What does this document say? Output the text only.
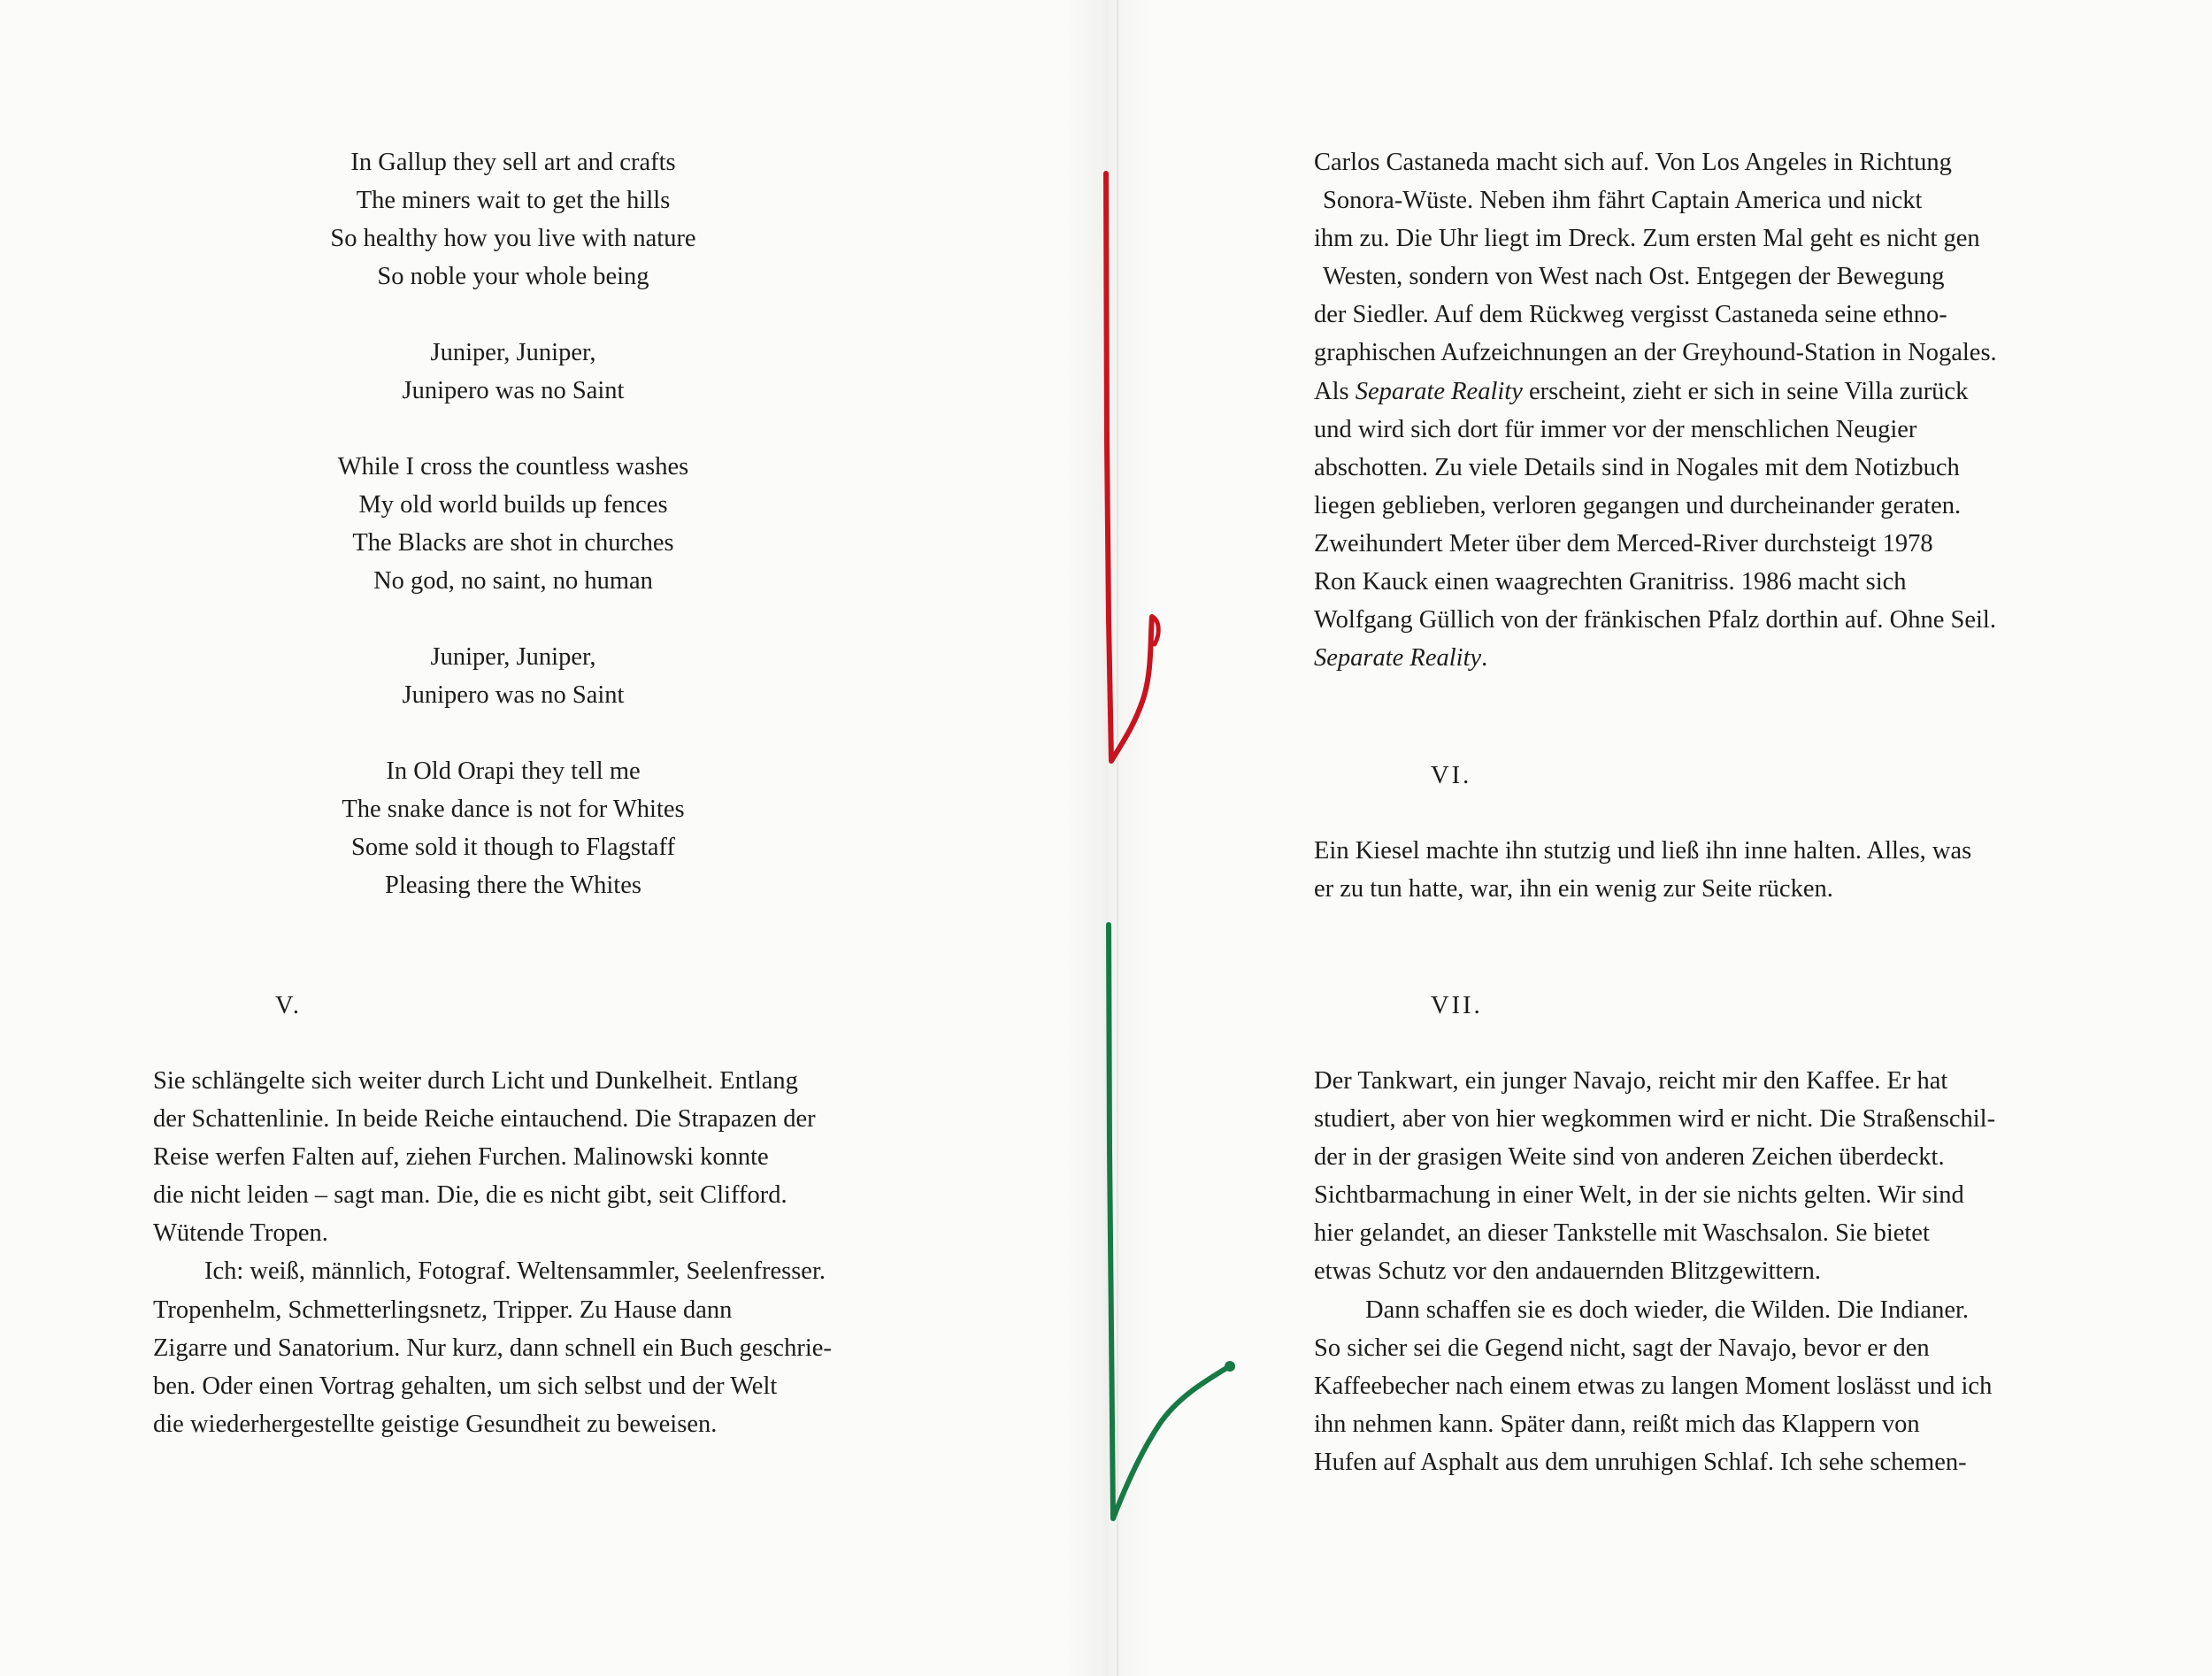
In Gallup they sell art and crafts

The miners wait to get the hills

So healthy how you live with nature

So noble your whole being

Juniper, Juniper,

Junipero was no Saint

While I cross the countless washes

My old world builds up fences

The Blacks are shot in churches

No god, no saint, no human

Juniper, Juniper,

Junipero was no Saint

In Old Orapi they tell me

The snake dance is not for Whites

Some sold it though to Flagstaff

Pleasing there the Whites

V.

Sie schlängelte sich weiter durch Licht und Dunkelheit. Entlang

der Schattenlinie. In beide Reiche eintauchend. Die Strapazen der

Reise werfen Falten auf, ziehen Furchen. Malinowski konnte

die nicht leiden – sagt man. Die, die es nicht gibt, seit Clifford.

Wütende Tropen.

Ich: weiß, männlich, Fotograf. Weltensammler, Seelenfresser.

Tropenhelm, Schmetterlingsnetz, Tripper. Zu Hause dann

Zigarre und Sanatorium. Nur kurz, dann schnell ein Buch geschrie-

ben. Oder einen Vortrag gehalten, um sich selbst und der Welt

die wiederhergestellte geistige Gesundheit zu beweisen.

Carlos Castaneda macht sich auf. Von Los Angeles in Richtung

Sonora-Wüste. Neben ihm fährt Captain America und nickt

ihm zu. Die Uhr liegt im Dreck. Zum ersten Mal geht es nicht gen

Westen, sondern von West nach Ost. Entgegen der Bewegung

der Siedler. Auf dem Rückweg vergisst Castaneda seine ethno-

graphischen Aufzeichnungen an der Greyhound-Station in Nogales.

Als Separate Reality erscheint, zieht er sich in seine Villa zurück

und wird sich dort für immer vor der menschlichen Neugier

abschotten. Zu viele Details sind in Nogales mit dem Notizbuch

liegen geblieben, verloren gegangen und durcheinander geraten.

Zweihundert Meter über dem Merced-River durchsteigt 1978

Ron Kauck einen waagrechten Granitriss. 1986 macht sich

Wolfgang Güllich von der fränkischen Pfalz dorthin auf. Ohne Seil.

Separate Reality.

VI.

Ein Kiesel machte ihn stutzig und ließ ihn inne halten. Alles, was

er zu tun hatte, war, ihn ein wenig zur Seite rücken.

VII.

Der Tankwart, ein junger Navajo, reicht mir den Kaffee. Er hat

studiert, aber von hier wegkommen wird er nicht. Die Straßenschil-

der in der grasigen Weite sind von anderen Zeichen überdeckt.

Sichtbarmachung in einer Welt, in der sie nichts gelten. Wir sind

hier gelandet, an dieser Tankstelle mit Waschsalon. Sie bietet

etwas Schutz vor den andauernden Blitzgewittern.

Dann schaffen sie es doch wieder, die Wilden. Die Indianer.

So sicher sei die Gegend nicht, sagt der Navajo, bevor er den

Kaffeebecher nach einem etwas zu langen Moment loslässt und ich

ihn nehmen kann. Später dann, reißt mich das Klappern von

Hufen auf Asphalt aus dem unruhigen Schlaf. Ich sehe schemen-
